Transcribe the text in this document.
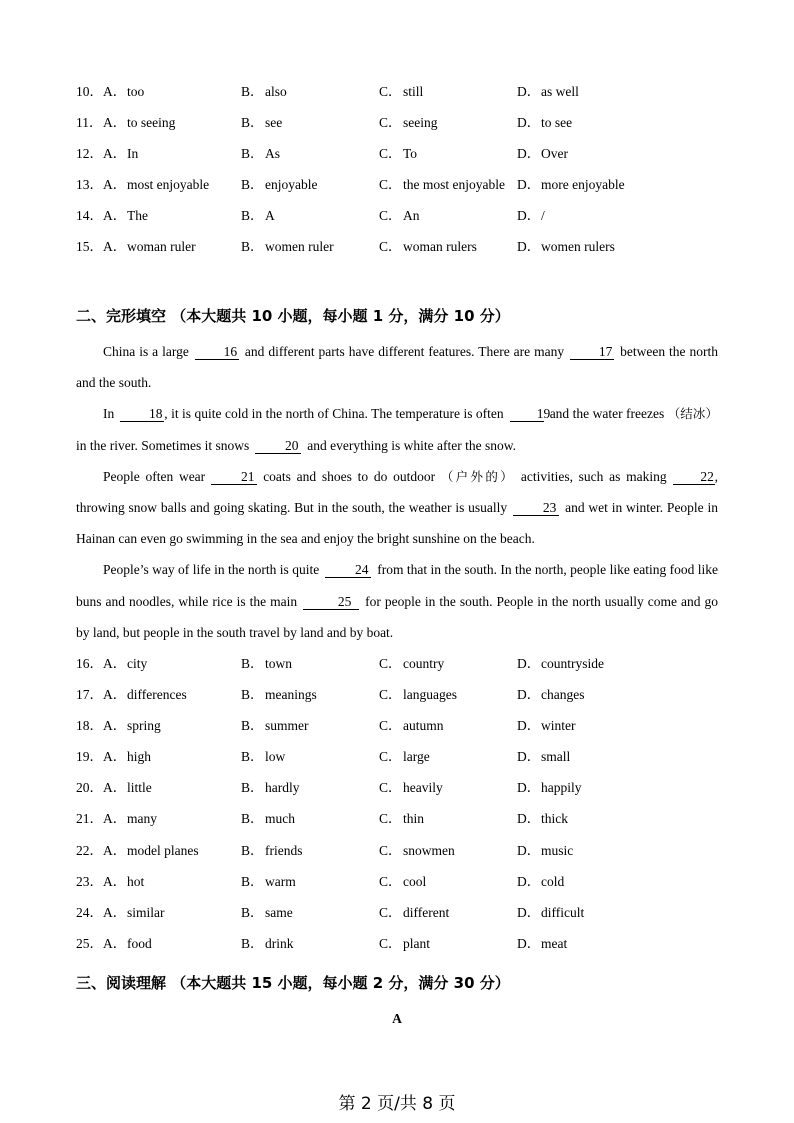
10． A．too	B．also	C．still	D．as well
11． A．to seeing	B．see	C．seeing	D．to see
12． A．In	B．As	C．To	D．Over
13． A．most enjoyable B．enjoyable	C．the most enjoyable D．more enjoyable
14． A．The	B．A	C．An	D．/
15． A．woman ruler	B．women ruler	C．woman rulers	D．women rulers
二、完形填空 （本大题共 10 小题，每小题 1 分，满分 10 分）

China is a large	16 and different parts have different features. There are many	17 between the north and the south.

In	18 , it is quite cold in the north of China. The temperature is often 19and the water freezes （结冰） in the river. Sometimes it snows	20 and everything is white after the snow.

People often wear	21 coats and shoes to do outdoor （户外的） activities, such as making	22, throwing snow balls and going skating. But in the south, the weather is usually	23 and wet in winter. People in Hainan can even go swimming in the sea and enjoy the bright sunshine on the beach.

People’s way of life in the north is quite	24 from that in the south. In the north, people like eating food like buns and noodles, while rice is the main	25 for people in the south. People in the north usually come and go by land, but people in the south travel by land and by boat.

16． A．city	B．town	C．country	D．countryside
17． A．differences	B．meanings	C．languages	D．changes
18． A．spring	B．summer	C．autumn	D．winter
19． A．high	B．low	C．large	D．small
20． A．little	B．hardly	C．heavily	D．happily
21． A．many	B．much	C．thin	D．thick
22． A．model planes	B．friends	C．snowmen	D．music
23． A．hot	B．warm	C．cool	D．cold
24． A．similar	B．same	C．different	D．difficult
25． A．food	B．drink	C．plant	D．meat
三、阅读理解 （本大题共 15 小题，每小题 2 分，满分 30 分）
A
第 2 页/共 8 页
